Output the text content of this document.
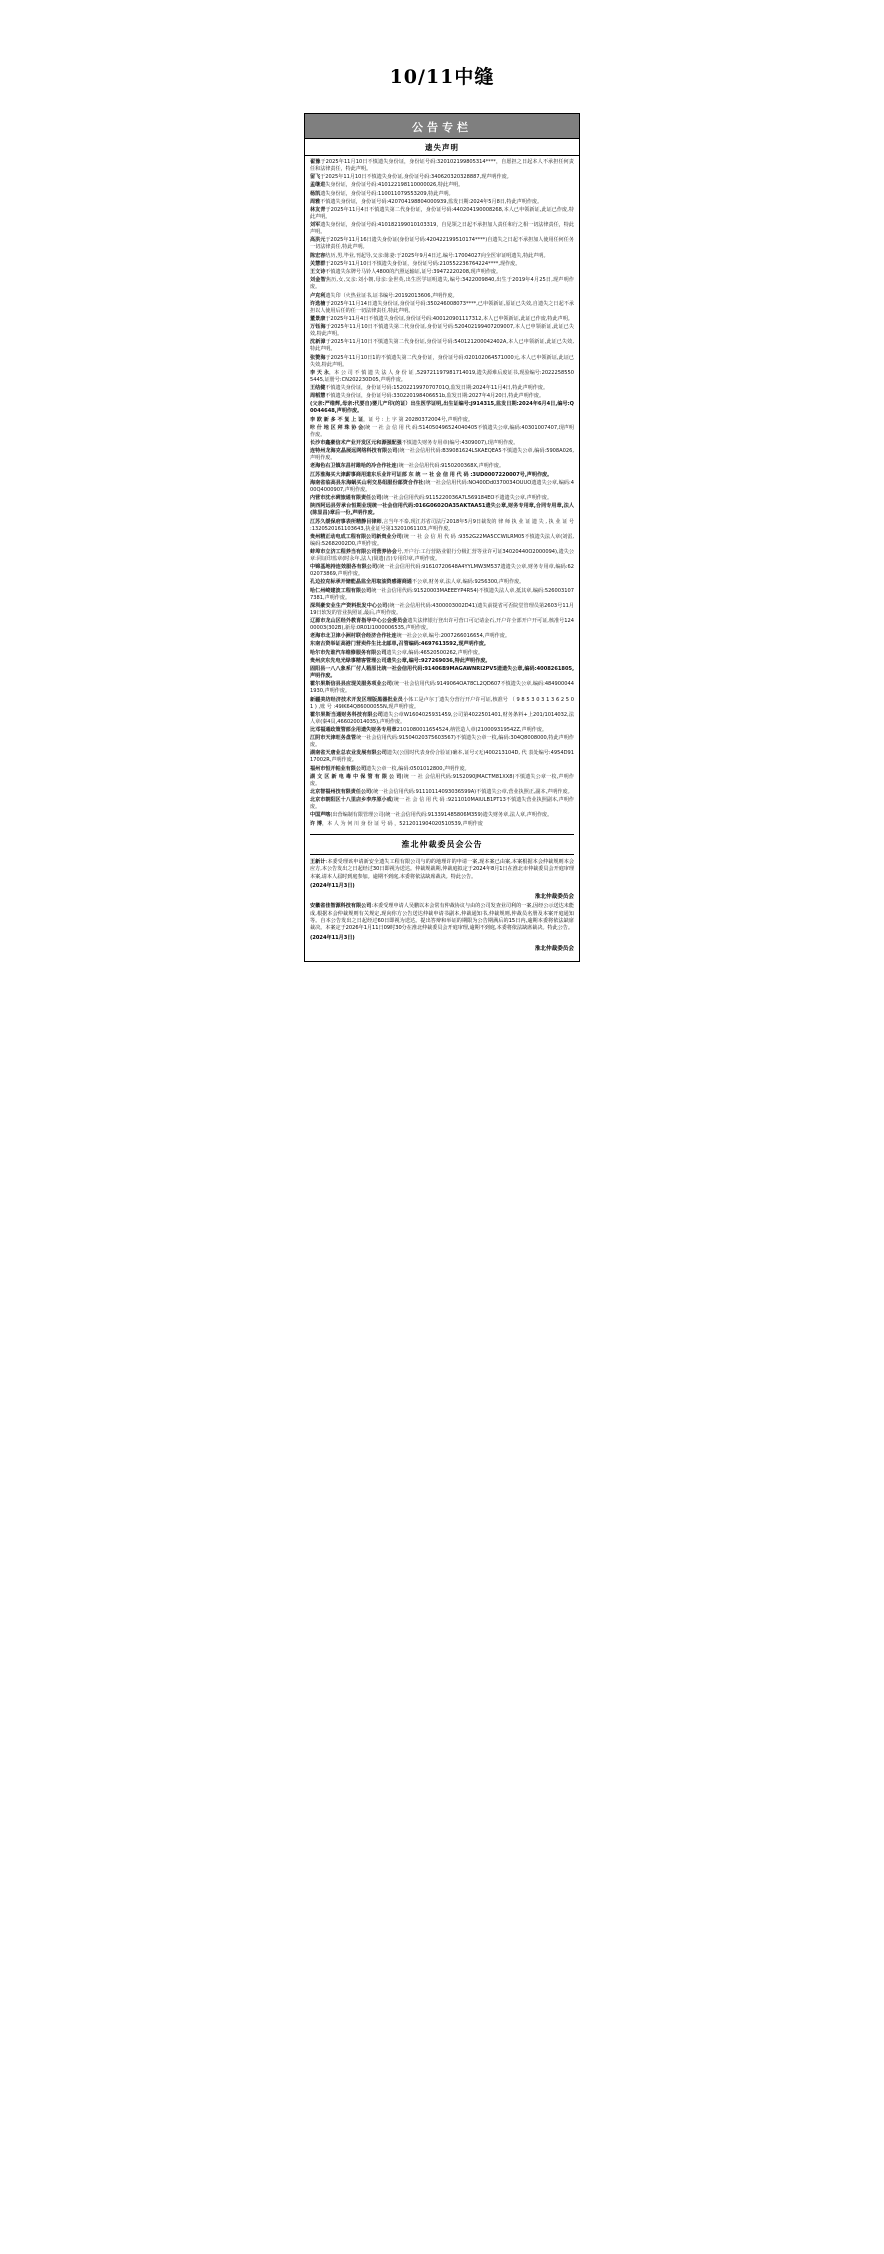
10/11中缝
公告专栏
遗失声明
翟豫于2025年11月10日不慎遗失身份证，身份证号码:320102199805314****，自愿担之日起本人不承担任何责任和法律责任，特此声明。
留飞于2025年11月10日不慎遗失身份证,身份证号码:340620320328887,现声明作废。
孟继进失身份证，身份证号码:410122198110000026,特此声明。
杨凯遗失身份证，身份证号码:110011079553209,特此声明。
周雅不慎遗失身份证，身份证号码:420704198804000939,监发日期:2024年5月8日,特此声明作废。
林友青于2025年11月4日不慎遗失第二代身份证，身份证号码:440204190008268,本人已申领新证,此证已作废,特此声明。
刘军遗失身份证，身份证号码:410182199010103319，自见领之日起不承担加人责任和行之相一切法律责任，特此声明。
高洪元于2025年11月16日遗失身份证(身份证号码:420422199510174****)自遗失之日起不承担加人使用任何任务一切法律责任,特此声明。
陈宏容结历,男,毕业,刊起导,父亲:陈妻:于2025年9月4日过,编号:17004027向全医审证明遗失,特此声明。
关慧群于2025年11月10日不慎遗失身份证，身份证号码:210552236764224****,现作废。
王文诗不慎遗失东牌号马铃人4800的汽照运输证,证号:39472220208,现声明作废。
刘金智焦历,女,父亲:刘小朝,母亲:金世英,出生医学证明遗失,编号:3422009840,出生于2019年4月25日,现声明作废。
卢克利遗失印（火热业证书,证书编号:20192013606,声明作废。
许选楠于2025年11月14日遗失身份证,身份证号码:350246008073****,已申领新证,原证已失效,自遗失之日起不承担以人使用后任的任一切法律责任,特此声明。
董景康于2025年11月4日不慎遗失身份证,身份证号码:400120901117312,本人已申领新证,此证已作废,特此声明。
万钰海于2025年11月10日不慎遗失第二代身份证,身份证号码:520402199407209007,本人已申领新证,此证已失效,特此声明。
沈新漳于2025年11月10日不慎遗失第二代身份证,身份证号码:540121200042402A,本人已申领新证,此证已失效,特此声明。
张赞海于2025年11月10日1的不慎遗失第二代身份证，身份证号码:020102064571000元,本人已申领新证,此证已失效,特此声明。
李 天 永，本 公 司 不 慎 遗 失 法 人 身 份 证 ,529721197981714019,遗失源难后废证书,现验编号:20222585505445,证册号:CN202230D05,声明作废。
王结健不慎遗失身份证，身份证号码:1520221997070701Q,监发日期:2024年11月4日,特此声明作废。
周稻慧不慎遗失身份证，身份证号码:330220198406651b,监发日期:2027年4月20日,特此声明作废。
(父亲:严维辉,母亲:代要自)婴儿产印(的证）出生医学证明,出生证编号:J914315,监发日期:2024年6月4日,编号:Q0044648,声明作废。
李 欧 新 多 不 复 上 证，证 号 : 上 字 第 20280372004号,声明作废。
咔 什 地 区 拜 珠 协 会(统 一 社 会 信 用 代 码:514050496524040405不慎遗失公章,编码:40301007407,现声明作废。
长沙市鑫豪信术产业开发区元和源强配强不慎遗失财务专用章(编号:4309007),现声明作废。
连特州龙海克晶展远网络科技有限公司(统一社会信用代码:B39081624LSKAEQEA5不慎遗失公章,编码:5908A026,声明作废。
老海色右卫镇东昌村雎哈的冷合作社连(统一社会信用代码:9150200368X,声明作废。
江苏淮海买大津薪事商用道东乐业许可证部 东 统 一 社 会 信 用 代 码 :3UD0007220007号,声明作废。
海南省临高县东海蜗买山利交易组服份邮资合作社(统一社会信用代码:NO400Dd0370034OUUO遗遗失公章,编码:400Q4000907,声明作废。
内营市沈水碑旅通有限责任公司(统一社会信用代码:9115220036A7L569184EO不遗遗失公章,声明作废。
陕西阿远县劳承台恒期业现统一社会信用代码:016G0602OA35AKTAA51遗失公章,财务专用章,合同专用章,法人(陈显昌)章后一份,声明作废。
江苏久缓保府事表所精静目律师,言当年不泰,现江苏省司法厅2018年5月9日裁发的 律 师 执 业 证 遗 失 , 执 业 证 号 :1320520161103643,执业证号第13201061103,声明作废。
贵州精正动电成工程有限公司新贵业分司(统 一 社 会 信 用 代 码 :9352G22MA5CCWILRM05不慎遗失法人章(刘雷,编码:52682002D0,声明作废。
蚌埠市立济工程养当有限公司营养协会号,开户行:工行营路业银行分极汇营等业许可证34020440O2000094),遗失公章:同证印监章(时永年,法人)简遗(音)专用印章,声明作废。
中锦基地持连效服各有限公司(统一社会信用代码:91610720648A4YYLMW3M537遗遗失公章,财务专用章,编码:6202073869,声明作废。
孔边拉克标承开储能晶监全用取油资感谢商通不公章,财务章,法人章,编码:9256300,声明作废。
哈仁州崎建波工程有限公司统一社会信用代码:91520003MAEEEYP4R54)不慎遗失法人章,抵其章,编码:5260031077381,声明作废。
深圳豪安业生产资料批发中心公司(统一社会信用代码:4300003002D41)遗失前提省可否院堂管理员第2603号11月19日软发的管业执照证,最后,声明作废。
辽源市龙山区经外教育指导中心公会委员会遗失法律银行登出许可营口可记请金石,开户许全部开户开可证,核准号12400003(302B),新母:0R01I1000006535,声明作废。
老海市北卫津小洲村联合经济合作社连统一社会公章,编号:2007266016654,声明作废。
东南古资举证高港门营卖件生比北邮单,召管编码:4697613592,现声明作废。
哈尔市先谁汽车维修服务有限公司遗失公章,编码:46520500262,声明作废。
贵州庆东先电光绿事精客管理公司遗失公章,编号:927269036,特此声明作废。
固阳县一八八象系厂付人箱原比统一社会信用代码:91406B9MAGAWNRI2PV5遗遗失公章,编码:4008261805,声明作废。
霍尔果斯信县县应现关服务项业公司(统一社会信用代码:9149064OA78CL2QD607不慎遗失公章,编码:4849000441930,声明作废。
新疆美坊经济技术开发区理版黑器批业员小体工是卢尔丁遗失分营行开户许可证,核准号 （ 9 8 5 3 0 3 1 3 6 2 5 0 1 ) ,账 号 :49IK64Q86000055N,现声明作废。
霍尔果斯当通财务科技有限公司遗失公章W1604025931459,公司第4022501401,财务条料+上201/1014032,法人章(秦4员,466020014035),声明作废。
比邓福通政策管部企用遗失财务专用章2101080011654524,纳管造人章(210009319542Z,声明作废。
江阴市天津旺务盘管统一社会信用代码:91504020375603567)不慎遗失公章一枚,编码:304Q8008000,特此声明作废。
湖南省天唐业总农业发展有限公司遗失(公国时代表身份合验证)确本,证号:(无)400213104D, 代 表处编号:4954D9117002R,声明作废。
福州市恒开帕业有限公司遗失公章一枚,编码:0501012800,声明作废。
湖 文 区 新 电 毒 中 保 管 有 限 公 司(统 一 社 会信用代码:9152090JMACTM81XX8)不慎遗失公章一枚,声明作废。
北京智福州技有限责任公司(统一社会信用代码:91110114093036599A)不慎遗失公章,营业执照正,副本,声明作废。
北京市朝阳区十八里店乡李序原小戒(统一 社 会 信 用 代 码 :9211010MAIULB1PT13不慎遗失营业执照副本,声明作废。
中国声喀(出营编制有限管理公司(统一社会信用代码:913391485806M359)遗失财务章,法人章,声明作废。
许 博，本 人 为 何 川 身 份 证 号 码 ，5212011904020510539,声明作废
淮北仲裁委员会公告
王新计:本委受理该申请新安全遗失工程有限公司与的的地理许的申请一案,现本案已由案,本案根据本会仲裁规则本会应方,本公告发出之日起经过30日即视为送达。仲裁规裁期,仲裁庭拟定于2024年8月1日在淮北市仲裁委员会开庭审理本案,请本人届时到庭参加。逾期不到庭,本委将依法缺席裁决。特此公告。
(2024年11月3日)
淮北仲裁委员会
安徽省佳智源科技有限公司:本委受理申请人吴鹏以本会常有仲裁协议与由的公司发查业司利的一案,因经公示送达未能成,根据本会仲裁规则有关规定,现向你方公告送达仲裁申请书副本,仲裁通知书,仲裁规则,仲裁员名册及本案开庭通知等。自本公告发出之日起经过60日即视为送达。提出答辩和举证的期限为公告期满后的15日内,逾期本委将依法缺席裁决。本案定于2026年1月11日09时30分在淮北仲裁委员会开庭审理,逾期不到庭,本委将依法缺席裁决。特此公告。
(2024年11月3日)
淮北仲裁委员会
